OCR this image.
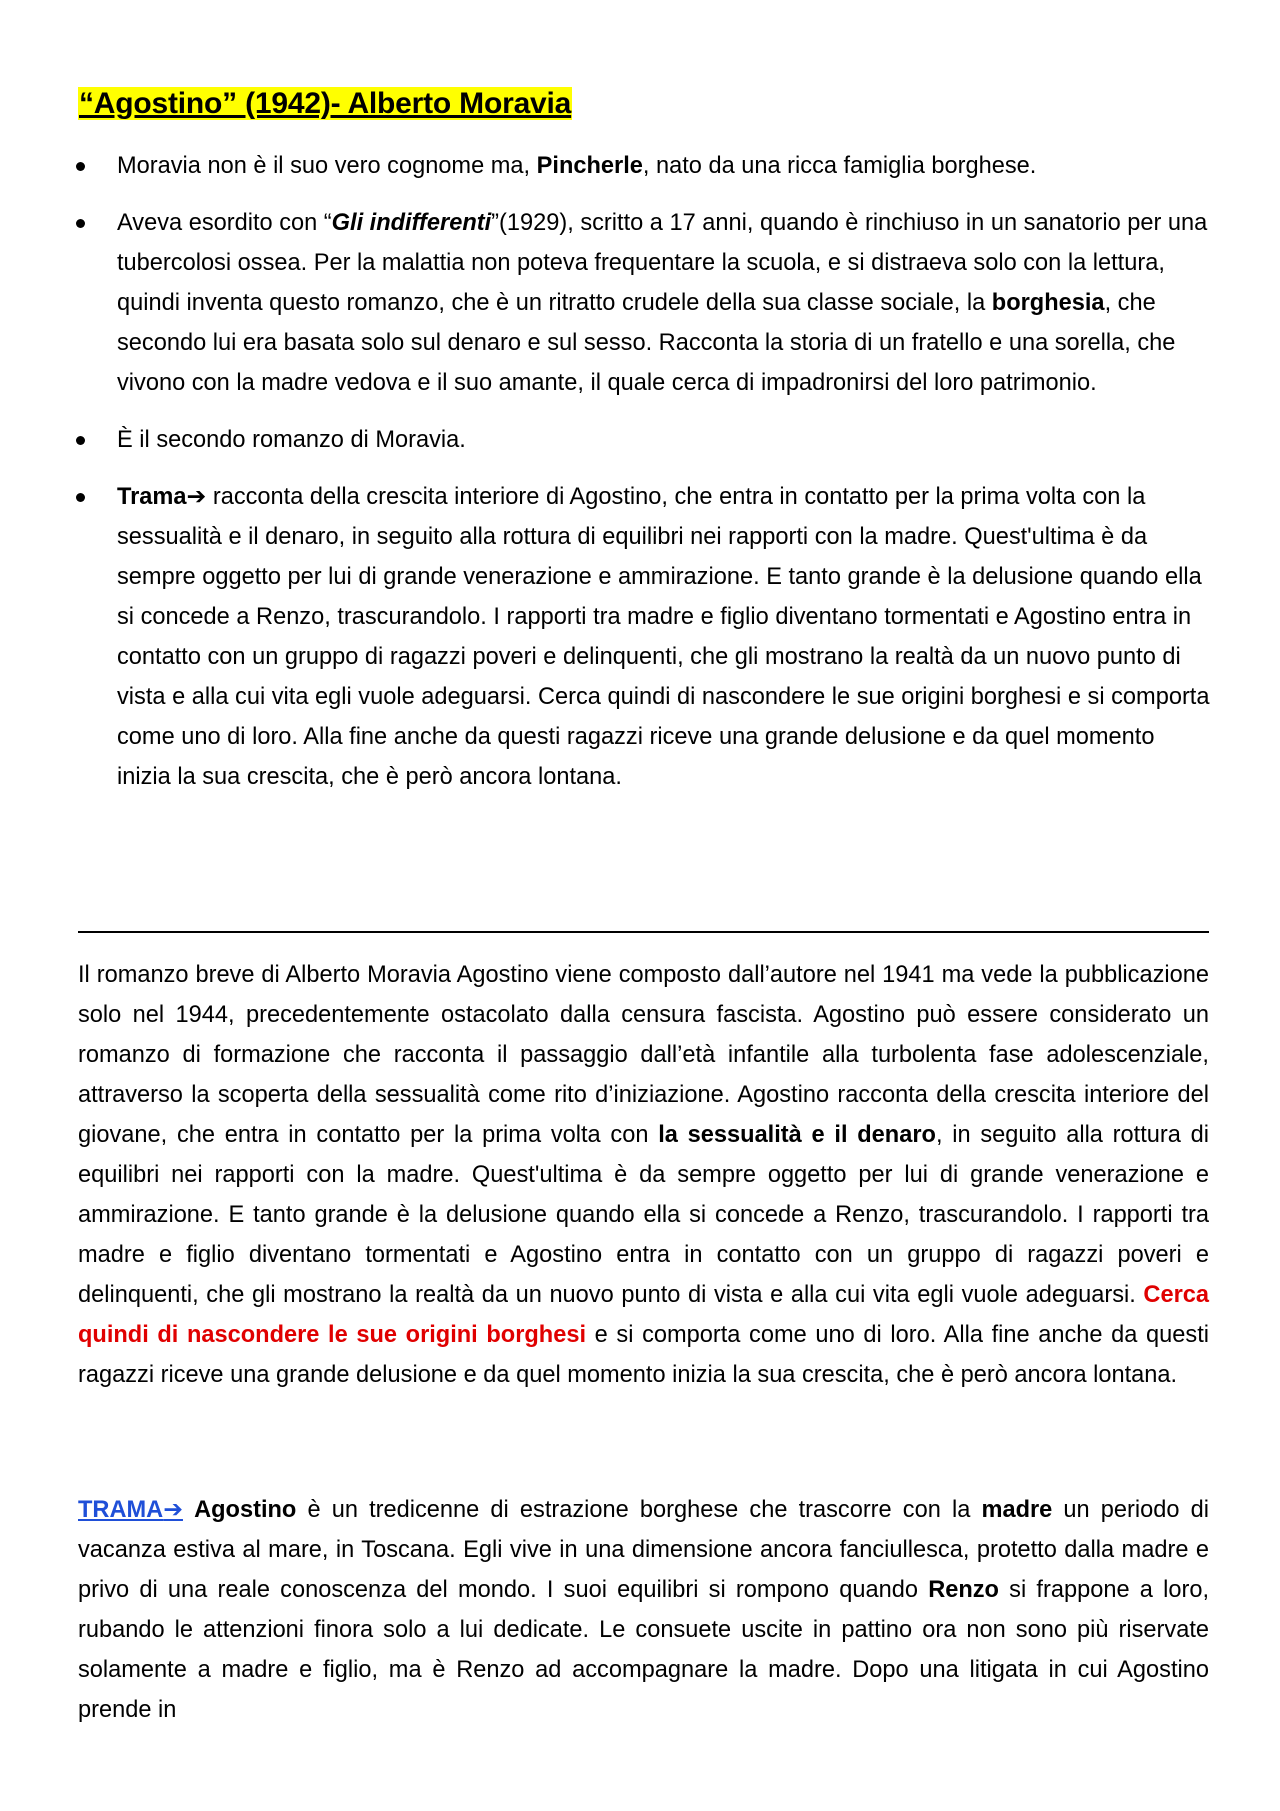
“Agostino” (1942)- Alberto Moravia
Moravia non è il suo vero cognome ma, Pincherle, nato da una ricca famiglia borghese.
Aveva esordito con “Gli indifferenti”(1929), scritto a 17 anni, quando è rinchiuso in un sanatorio per una tubercolosi ossea. Per la malattia non poteva frequentare la scuola, e si distraeva solo con la lettura, quindi inventa questo romanzo, che è un ritratto crudele della sua classe sociale, la borghesia, che secondo lui era basata solo sul denaro e sul sesso. Racconta la storia di un fratello e una sorella, che vivono con la madre vedova e il suo amante, il quale cerca di impadronirsi del loro patrimonio.
È il secondo romanzo di Moravia.
Trama➔ racconta della crescita interiore di Agostino, che entra in contatto per la prima volta con la sessualità e il denaro, in seguito alla rottura di equilibri nei rapporti con la madre. Quest'ultima è da sempre oggetto per lui di grande venerazione e ammirazione. E tanto grande è la delusione quando ella si concede a Renzo, trascurandolo. I rapporti tra madre e figlio diventano tormentati e Agostino entra in contatto con un gruppo di ragazzi poveri e delinquenti, che gli mostrano la realtà da un nuovo punto di vista e alla cui vita egli vuole adeguarsi. Cerca quindi di nascondere le sue origini borghesi e si comporta come uno di loro. Alla fine anche da questi ragazzi riceve una grande delusione e da quel momento inizia la sua crescita, che è però ancora lontana.

Il romanzo breve di Alberto Moravia Agostino viene composto dall’autore nel 1941 ma vede la pubblicazione solo nel 1944, precedentemente ostacolato dalla censura fascista. Agostino può essere considerato un romanzo di formazione che racconta il passaggio dall’età infantile alla turbolenta fase adolescenziale, attraverso la scoperta della sessualità come rito d’iniziazione. Agostino racconta della crescita interiore del giovane, che entra in contatto per la prima volta con la sessualità e il denaro, in seguito alla rottura di equilibri nei rapporti con la madre. Quest'ultima è da sempre oggetto per lui di grande venerazione e ammirazione. E tanto grande è la delusione quando ella si concede a Renzo, trascurandolo. I rapporti tra madre e figlio diventano tormentati e Agostino entra in contatto con un gruppo di ragazzi poveri e delinquenti, che gli mostrano la realtà da un nuovo punto di vista e alla cui vita egli vuole adeguarsi. Cerca quindi di nascondere le sue origini borghesi e si comporta come uno di loro. Alla fine anche da questi ragazzi riceve una grande delusione e da quel momento inizia la sua crescita, che è però ancora lontana.

TRAMA➔ Agostino è un tredicenne di estrazione borghese che trascorre con la madre un periodo di vacanza estiva al mare, in Toscana. Egli vive in una dimensione ancora fanciullesca, protetto dalla madre e privo di una reale conoscenza del mondo. I suoi equilibri si rompono quando Renzo si frappone a loro, rubando le attenzioni finora solo a lui dedicate. Le consuete uscite in pattino ora non sono più riservate solamente a madre e figlio, ma è Renzo ad accompagnare la madre. Dopo una litigata in cui Agostino prende in
